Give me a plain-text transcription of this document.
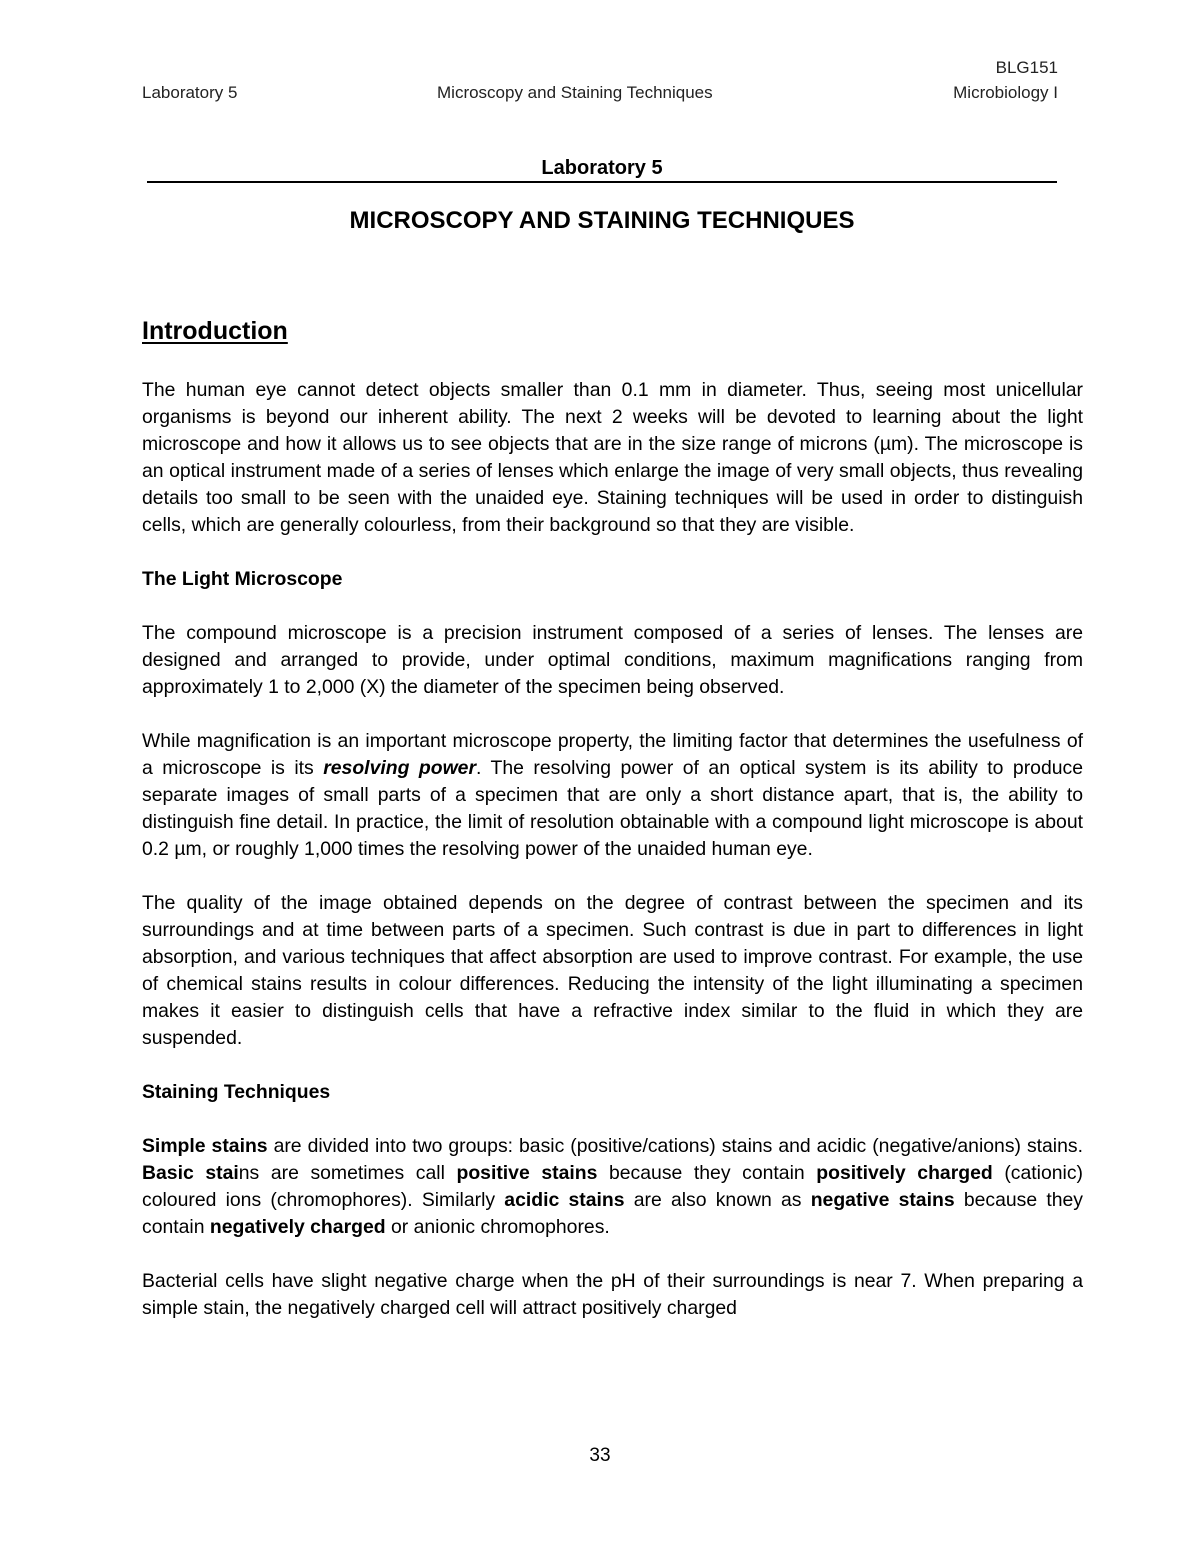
BLG151
Laboratory 5	Microscopy and Staining Techniques	Microbiology I
Laboratory 5
MICROSCOPY AND STAINING TECHNIQUES
Introduction

The human eye cannot detect objects smaller than 0.1 mm in diameter. Thus, seeing most unicellular organisms is beyond our inherent ability. The next 2 weeks will be devoted to learning about the light microscope and how it allows us to see objects that are in the size range of microns (µm). The microscope is an optical instrument made of a series of lenses which enlarge the image of very small objects, thus revealing details too small to be seen with the unaided eye. Staining techniques will be used in order to distinguish cells, which are generally colourless, from their background so that they are visible.

The Light Microscope

The compound microscope is a precision instrument composed of a series of lenses. The lenses are designed and arranged to provide, under optimal conditions, maximum magnifications ranging from approximately 1 to 2,000 (X) the diameter of the specimen being observed.

While magnification is an important microscope property, the limiting factor that determines the usefulness of a microscope is its resolving power. The resolving power of an optical system is its ability to produce separate images of small parts of a specimen that are only a short distance apart, that is, the ability to distinguish fine detail. In practice, the limit of resolution obtainable with a compound light microscope is about 0.2 µm, or roughly 1,000 times the resolving power of the unaided human eye.

The quality of the image obtained depends on the degree of contrast between the specimen and its surroundings and at time between parts of a specimen. Such contrast is due in part to differences in light absorption, and various techniques that affect absorption are used to improve contrast. For example, the use of chemical stains results in colour differences. Reducing the intensity of the light illuminating a specimen makes it easier to distinguish cells that have a refractive index similar to the fluid in which they are suspended.

Staining Techniques

Simple stains are divided into two groups: basic (positive/cations) stains and acidic (negative/anions) stains. Basic stains are sometimes call positive stains because they contain positively charged (cationic) coloured ions (chromophores). Similarly acidic stains are also known as negative stains because they contain negatively charged or anionic chromophores.

Bacterial cells have slight negative charge when the pH of their surroundings is near 7. When preparing a simple stain, the negatively charged cell will attract positively charged

33
